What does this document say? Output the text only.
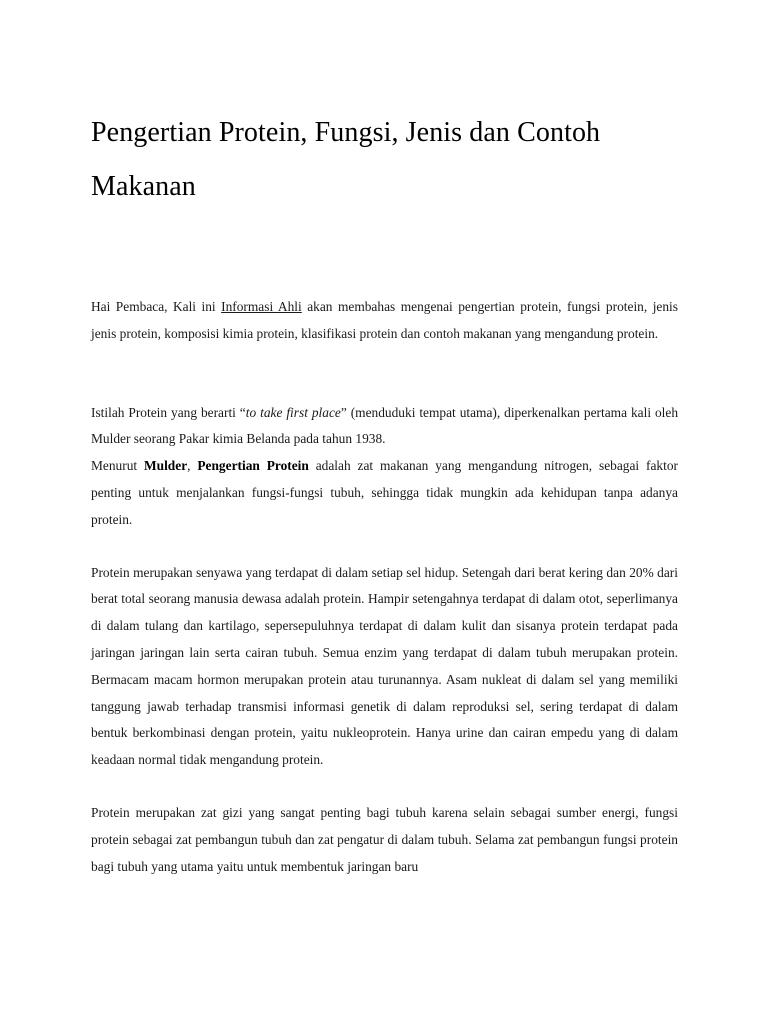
Pengertian Protein, Fungsi, Jenis dan Contoh Makanan

Hai Pembaca, Kali ini Informasi Ahli akan membahas mengenai pengertian protein, fungsi protein, jenis jenis protein, komposisi kimia protein, klasifikasi protein dan contoh makanan yang mengandung protein.

Istilah Protein yang berarti “to take first place” (menduduki tempat utama), diperkenalkan pertama kali oleh Mulder seorang Pakar kimia Belanda pada tahun 1938.

Menurut Mulder, Pengertian Protein adalah zat makanan yang mengandung nitrogen, sebagai faktor penting untuk menjalankan fungsi-fungsi tubuh, sehingga tidak mungkin ada kehidupan tanpa adanya protein.

Protein merupakan senyawa yang terdapat di dalam setiap sel hidup. Setengah dari berat kering dan 20% dari berat total seorang manusia dewasa adalah protein. Hampir setengahnya terdapat di dalam otot, seperlimanya di dalam tulang dan kartilago, sepersepuluhnya terdapat di dalam kulit dan sisanya protein terdapat pada jaringan jaringan lain serta cairan tubuh. Semua enzim yang terdapat di dalam tubuh merupakan protein. Bermacam macam hormon merupakan protein atau turunannya. Asam nukleat di dalam sel yang memiliki tanggung jawab terhadap transmisi informasi genetik di dalam reproduksi sel, sering terdapat di dalam bentuk berkombinasi dengan protein, yaitu nukleoprotein. Hanya urine dan cairan empedu yang di dalam keadaan normal tidak mengandung protein.

Protein merupakan zat gizi yang sangat penting bagi tubuh karena selain sebagai sumber energi, fungsi protein sebagai zat pembangun tubuh dan zat pengatur di dalam tubuh. Selama zat pembangun fungsi protein bagi tubuh yang utama yaitu untuk membentuk jaringan baru
